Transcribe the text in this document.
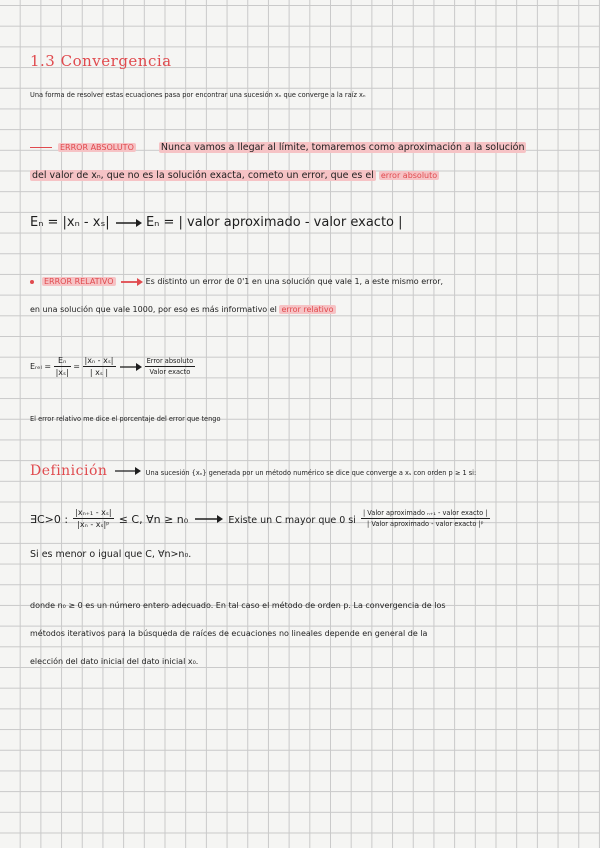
1.3 Convergencia
Una forma de resolver estas ecuaciones pasa por encontrar una sucesión xₙ que converge a la raíz xₙ
ERROR ABSOLUTO	Nunca vamos a llegar al límite, tomaremos como aproximación a la solución
del valor de xₙ, que no es la solución exacta, cometo un error, que es el error absoluto
Eₙ = |xₙ - xₛ|	Eₙ = | valor aproximado - valor exacto |
ERROR RELATIVO	Es distinto un error de 0'1 en una solución que vale 1, a este mismo error,
en una solución que vale 1000, por eso es más informativo el error relativo
Eᵣₑₗ = $\frac{\text{Eₙ}}{\text{|xₛ|}} = \frac{\text{|xₙ - xₛ|}}{\text{| xₛ |}}$
	$\frac{\text{Error absoluto}}{\text{Valor exacto}}$
El error relativo me dice el porcentaje del error que tengo
Definición	Una sucesión {xₙ} generada por un método numérico se dice que converge a xₛ con orden p ≥ 1 si:
∃C>0 : $\frac{\text{|xₙ₊₁ - xₛ|}}{\text{|xₙ - xₛ|ᵖ}} \le C$, ∀n ≥ n₀	Existe un C mayor que 0 si $\frac{\text{| Valor aproximado ₙ₊₁ - valor exacto |}}{\text{| Valor aproximado - valor exacto |ᵖ}}$
Si es menor o igual que C, ∀n>n₀.
donde n₀ ≥ 0 es un número entero adecuado. En tal caso el método de orden p. La convergencia de los
métodos iterativos para la búsqueda de raíces de ecuaciones no lineales depende en general de la
elección del dato inicial del dato inicial x₀.
